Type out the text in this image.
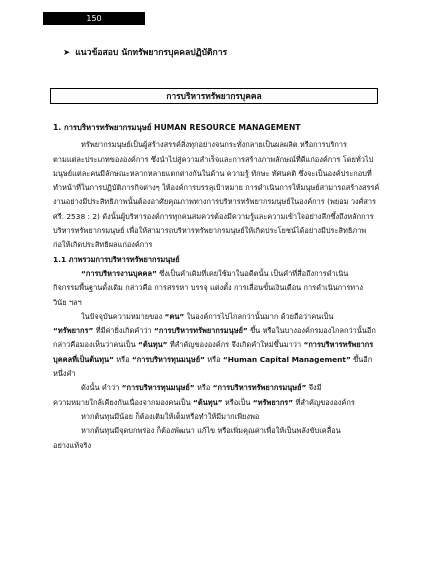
150
➤ แนวข้อสอบ นักทรัพยากรบุคคลปฏิบัติการ
การบริหารทรัพยากรบุคคล

1. การบริหารทรัพยากรมนุษย์ HUMAN RESOURCE MANAGEMENT

ทรัพยากรมนุษย์เป็นผู้สร้างสรรค์สิ่งทุกอย่างจนกระทั่งกลายเป็นผลผลิต หรือการบริการ

ตามแต่ละประเภทขององค์การ ซึ่งนำไปสู่ความสำเร็จและการสร้างภาพลักษณ์ที่ดีแก่องค์การ โดยทั่วไป

มนุษย์แต่ละคนมีลักษณะหลากหลายแตกต่างกันในด้าน ความรู้ ทักษะ ทัศนคติ ซึ่งจะเป็นองค์ประกอบที่

ทำหน้าที่ในการปฏิบัติภารกิจต่างๆ ให้องค์การบรรลุเป้าหมาย การดำเนินการให้มนุษย์สามารถสร้างสรรค์

งานอย่างมีประสิทธิภาพนั้นต้องอาศัยคุณภาพทางการบริหารทรัพยากรมนุษย์ในองค์การ (พยอม วงศ์สาร

ศรี. 2538 : 2) ดังนั้นผู้บริหารองค์การทุกคนสมควรต้องมีความรู้และความเข้าใจอย่างลึกซึ้งถึงหลักการ

บริหารทรัพยากรมนุษย์ เพื่อให้สามารถบริหารทรัพยากรมนุษย์ให้เกิดประโยชน์ได้อย่างมีประสิทธิภาพ

ก่อให้เกิดประสิทธิผลแก่องค์การ

1.1 ภาพรวมการบริหารทรัพยากรมนุษย์

“การบริหารงานบุคคล” ซึ่งเป็นคำเดิมที่เคยใช้มาในอดีตนั้น เป็นคำที่สื่อถึงการดำเนิน

กิจกรรมพื้นฐานดั้งเดิม กล่าวคือ การสรรหา บรรจุ แต่งตั้ง การเลื่อนขั้นเงินเดือน การดำเนินการทาง

วินัย ฯลฯ

ในปัจจุบันความหมายของ “คน” ในองค์การไปไกลกว่านั้นมาก ด้วยถือว่าคนเป็น

“ทรัพยากร” ที่มีค่ายิ่งเกิดคำว่า “การบริหารทรัพยากรมนุษย์” ขึ้น หรือในบางองค์กรมองไกลกว่านั้นอีก

กล่าวคือมองเห็นว่าคนเป็น “ต้นทุน” ที่สำคัญขององค์กร จึงเกิดคำใหม่ขึ้นมาว่า “การบริหารทรัพยากร

บุคคลที่เป็นต้นทุน” หรือ “การบริหารทุนมนุษย์” หรือ “Human Capital Management” ขึ้นอีก

หนึ่งคำ

ดังนั้น คำว่า “การบริหารทุนมนุษย์” หรือ “การบริหารทรัพยากรมนุษย์” จึงมี

ความหมายใกล้เคียงกันเนื่องจากมองคนเป็น “ต้นทุน” หรือเป็น “ทรัพยากร” ที่สำคัญขององค์กร

หากต้นทุนมีน้อย ก็ต้องเติมให้เต็มหรือทำให้มีมากเพียงพอ

หากต้นทุนมีจุดบกพร่อง ก็ต้องพัฒนา แก้ไข หรือเพิ่มคุณค่าเพื่อให้เป็นพลังขับเคลื่อน

อย่างแท้จริง
